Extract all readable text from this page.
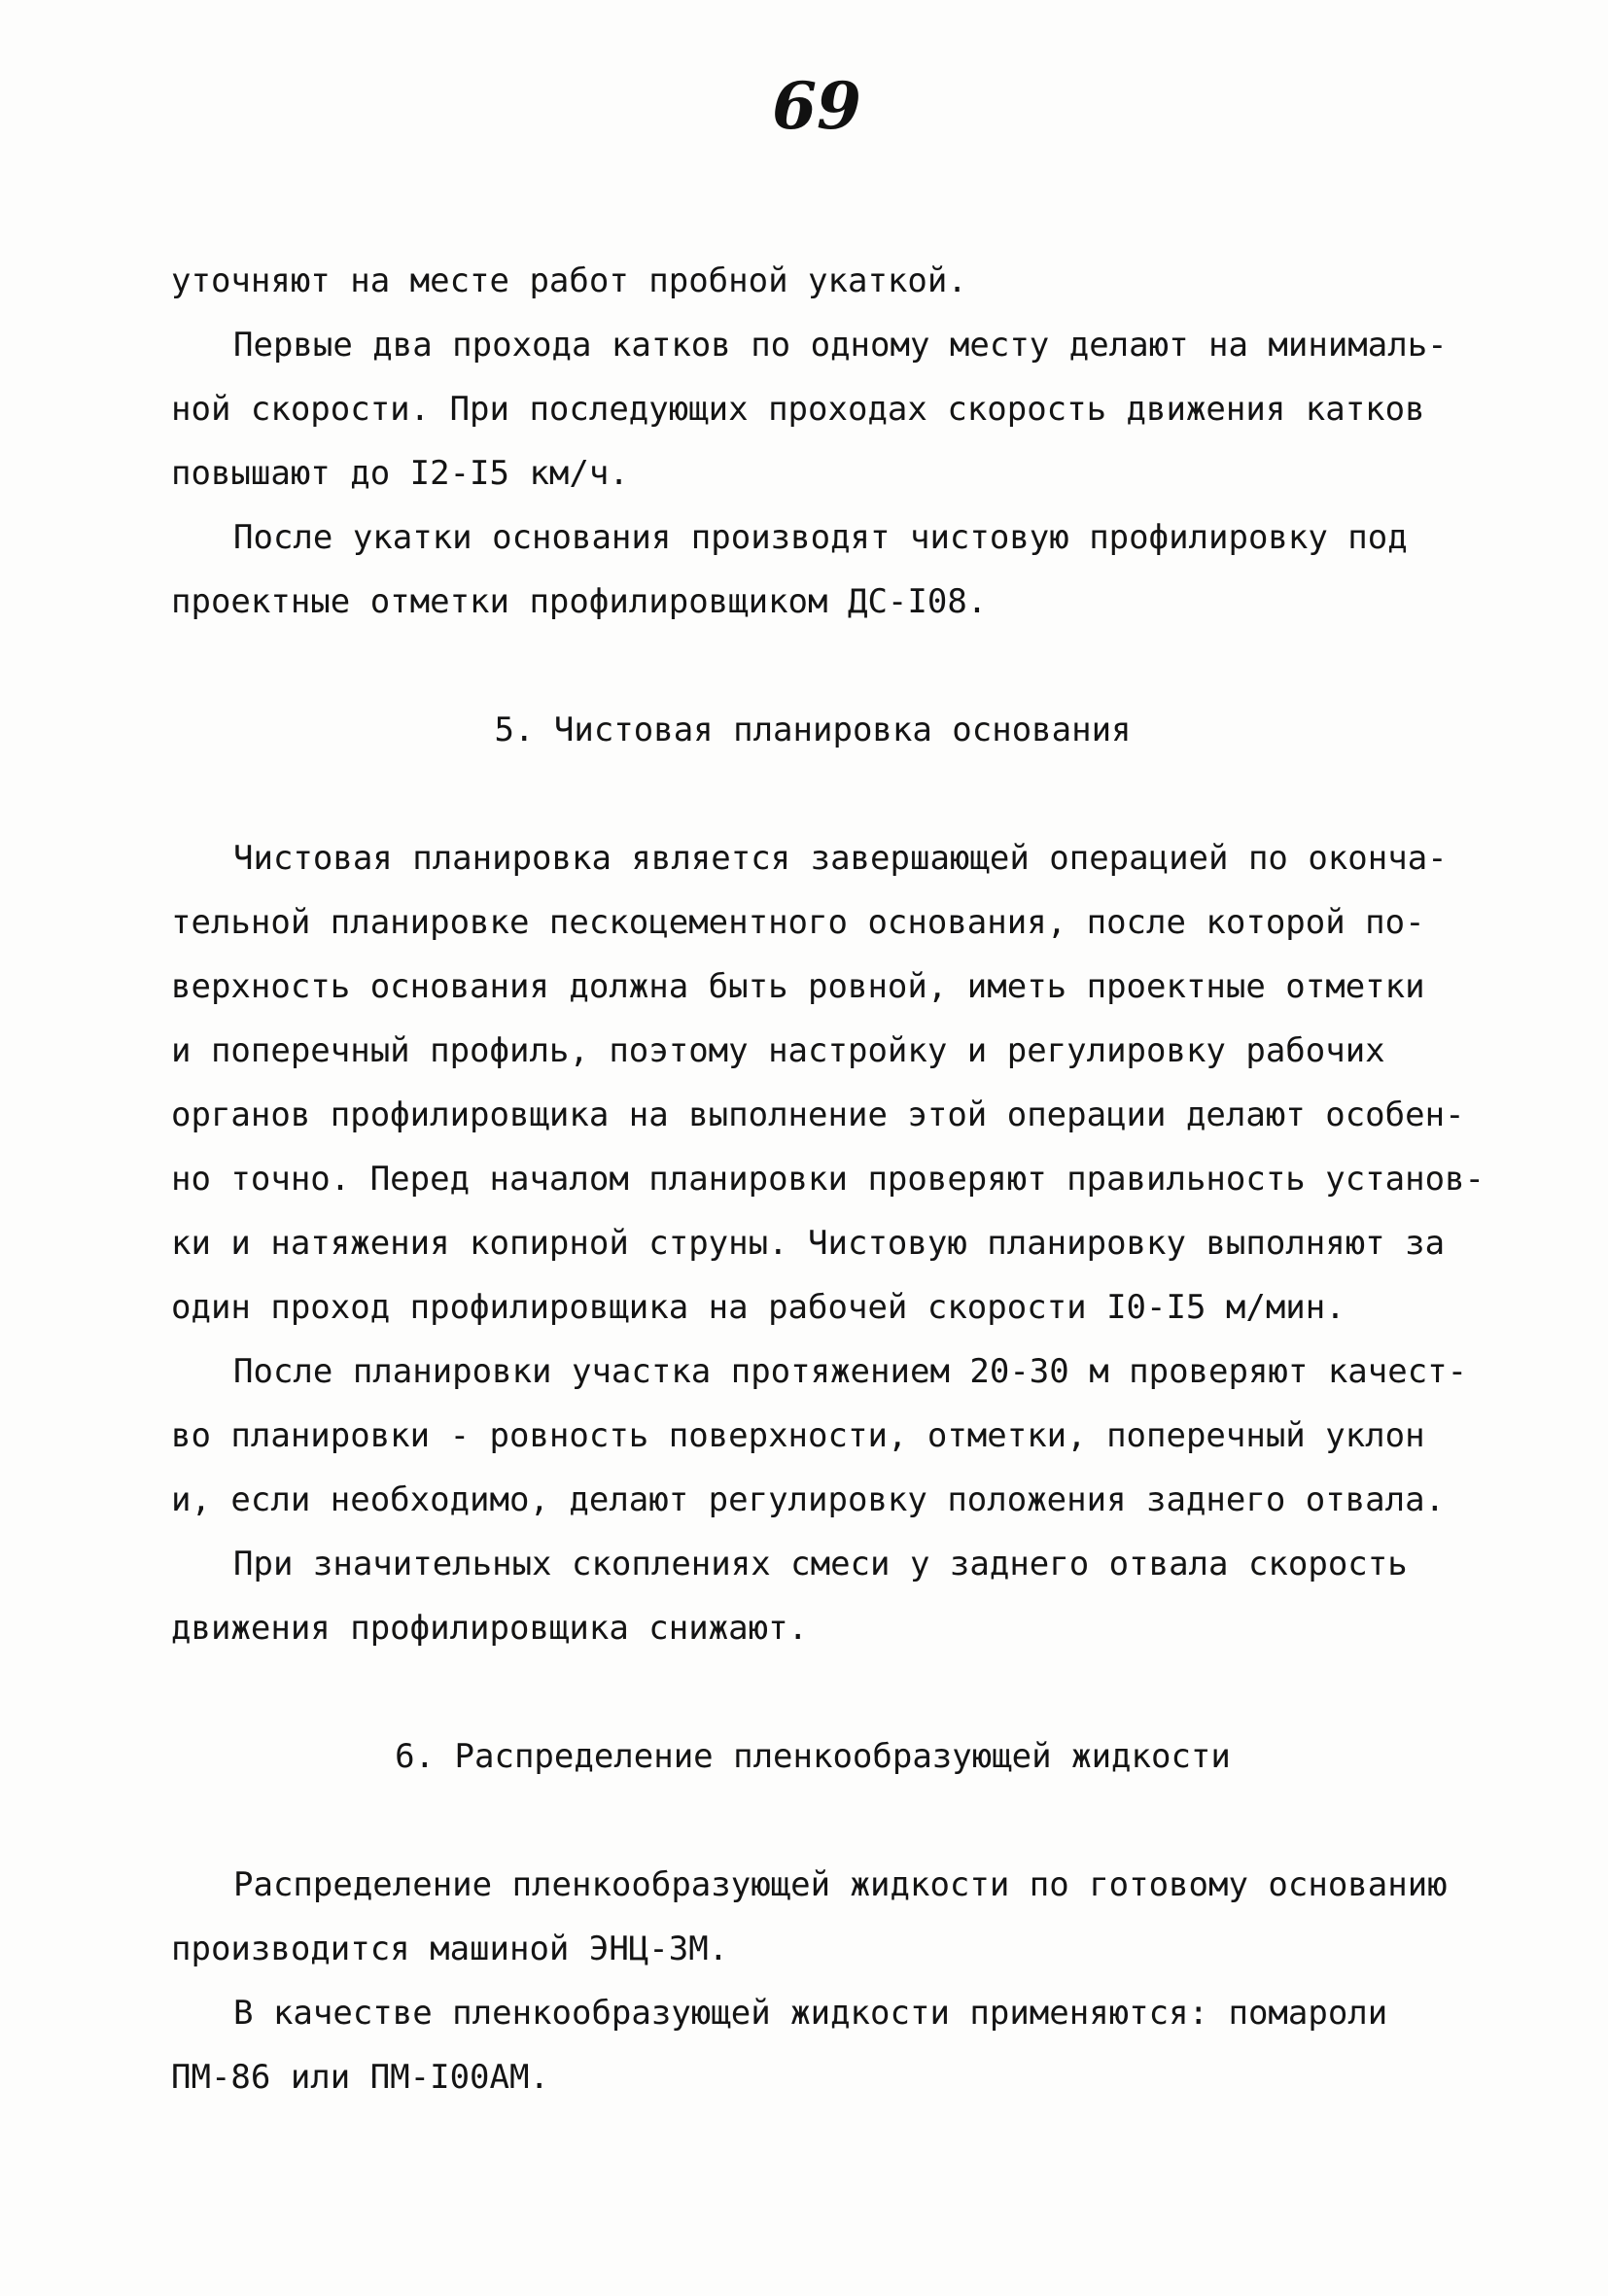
69
уточняют на месте работ пробной укаткой.
Первые два прохода катков по одному месту делают на минималь-
ной скорости. При последующих проходах скорость движения катков
повышают до I2-I5 км/ч.
После укатки основания производят чистовую профилировку под
проектные отметки профилировщиком ДС-I08.
5. Чистовая планировка основания
Чистовая планировка является завершающей операцией по оконча-
тельной планировке пескоцементного основания, после которой по-
верхность основания должна быть ровной, иметь проектные отметки
и поперечный профиль, поэтому настройку и регулировку рабочих
органов профилировщика на выполнение этой операции делают особен-
но точно. Перед началом планировки проверяют правильность установ-
ки и натяжения копирной струны. Чистовую планировку выполняют за
один проход профилировщика на рабочей скорости I0-I5 м/мин.
После планировки участка протяжением 20-30 м проверяют качест-
во планировки - ровность поверхности, отметки, поперечный уклон
и, если необходимо, делают регулировку положения заднего отвала.
При значительных скоплениях смеси у заднего отвала скорость
движения профилировщика снижают.
6. Распределение пленкообразующей жидкости
Распределение пленкообразующей жидкости по готовому основанию
производится машиной ЭНЦ-3М.
В качестве пленкообразующей жидкости применяются: помароли
ПМ-86 или ПМ-I00АМ.
